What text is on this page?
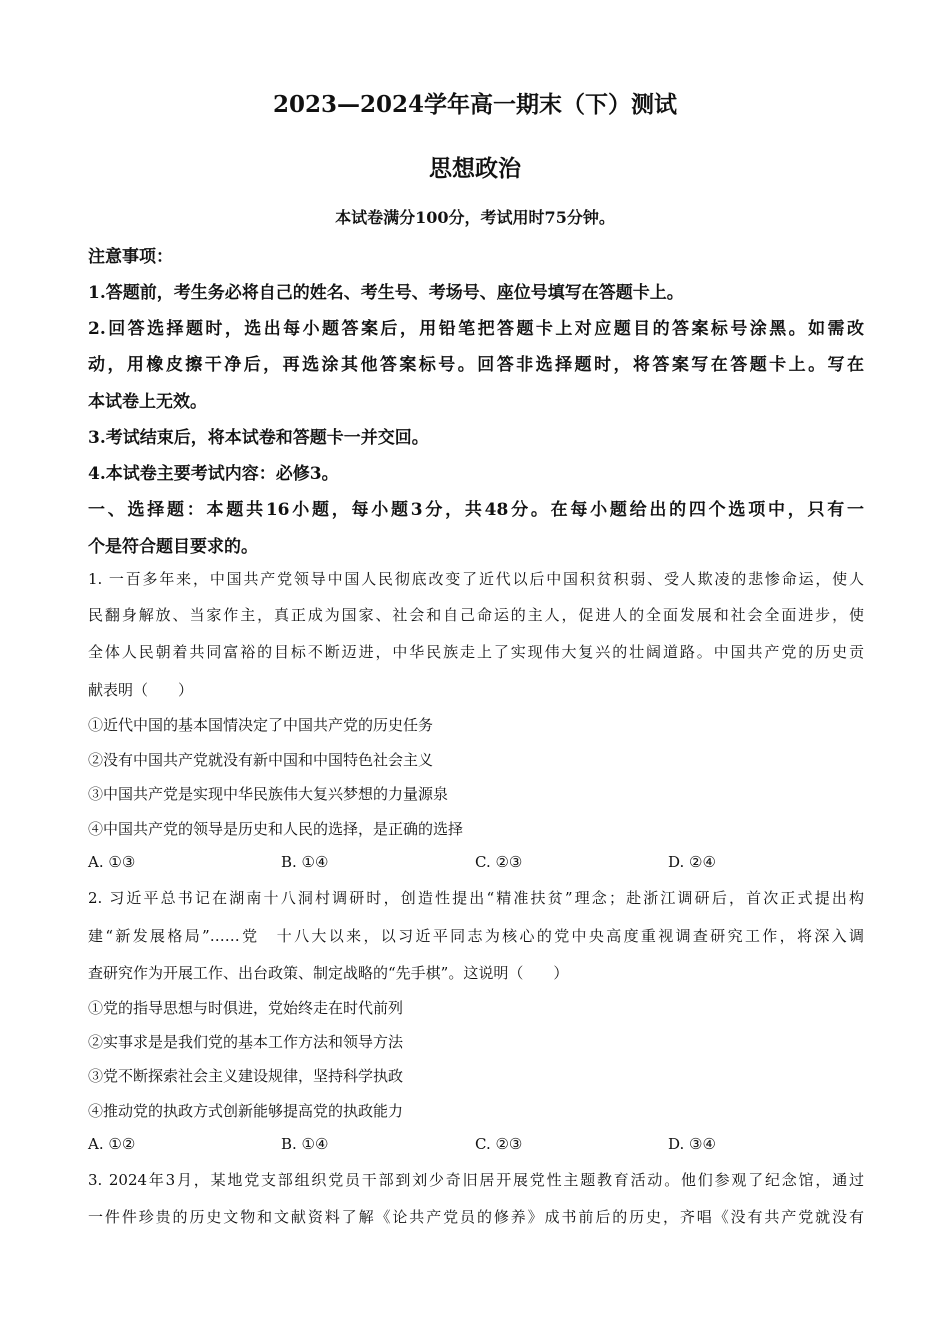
2023—2024学年高一期末（下）测试
思想政治
本试卷满分100分，考试用时75分钟。
注意事项：
1.答题前，考生务必将自己的姓名、考生号、考场号、座位号填写在答题卡上。
2.回答选择题时，选出每小题答案后，用铅笔把答题卡上对应题目的答案标号涂黑。如需改
动，用橡皮擦干净后，再选涂其他答案标号。回答非选择题时，将答案写在答题卡上。写在
本试卷上无效。
3.考试结束后，将本试卷和答题卡一并交回。
4.本试卷主要考试内容：必修3。
一、选择题：本题共16小题，每小题3分，共48分。在每小题给出的四个选项中，只有一
个是符合题目要求的。
1. 一百多年来，中国共产党领导中国人民彻底改变了近代以后中国积贫积弱、受人欺凌的悲惨命运，使人
民翻身解放、当家作主，真正成为国家、社会和自己命运的主人，促进人的全面发展和社会全面进步，使
全体人民朝着共同富裕的目标不断迈进，中华民族走上了实现伟大复兴的壮阔道路。中国共产党的历史贡
献表明（　　）
①近代中国的基本国情决定了中国共产党的历史任务
②没有中国共产党就没有新中国和中国特色社会主义
③中国共产党是实现中华民族伟大复兴梦想的力量源泉
④中国共产党的领导是历史和人民的选择，是正确的选择
A. ①③	B. ①④	C. ②③	D. ②④
2. 习近平总书记在湖南十八洞村调研时，创造性提出“精准扶贫”理念；赴浙江调研后，首次正式提出构
建“新发展格局”……党　十八大以来，以习近平同志为核心的党中央高度重视调查研究工作，将深入调
查研究作为开展工作、出台政策、制定战略的“先手棋”。这说明（　　）
①党的指导思想与时俱进，党始终走在时代前列
②实事求是是我们党的基本工作方法和领导方法
③党不断探索社会主义建设规律，坚持科学执政
④推动党的执政方式创新能够提高党的执政能力
A. ①②	B. ①④	C. ②③	D. ③④
3. 2024年3月，某地党支部组织党员干部到刘少奇旧居开展党性主题教育活动。他们参观了纪念馆，通过
一件件珍贵的历史文物和文献资料了解《论共产党员的修养》成书前后的历史，齐唱《没有共产党就没有
